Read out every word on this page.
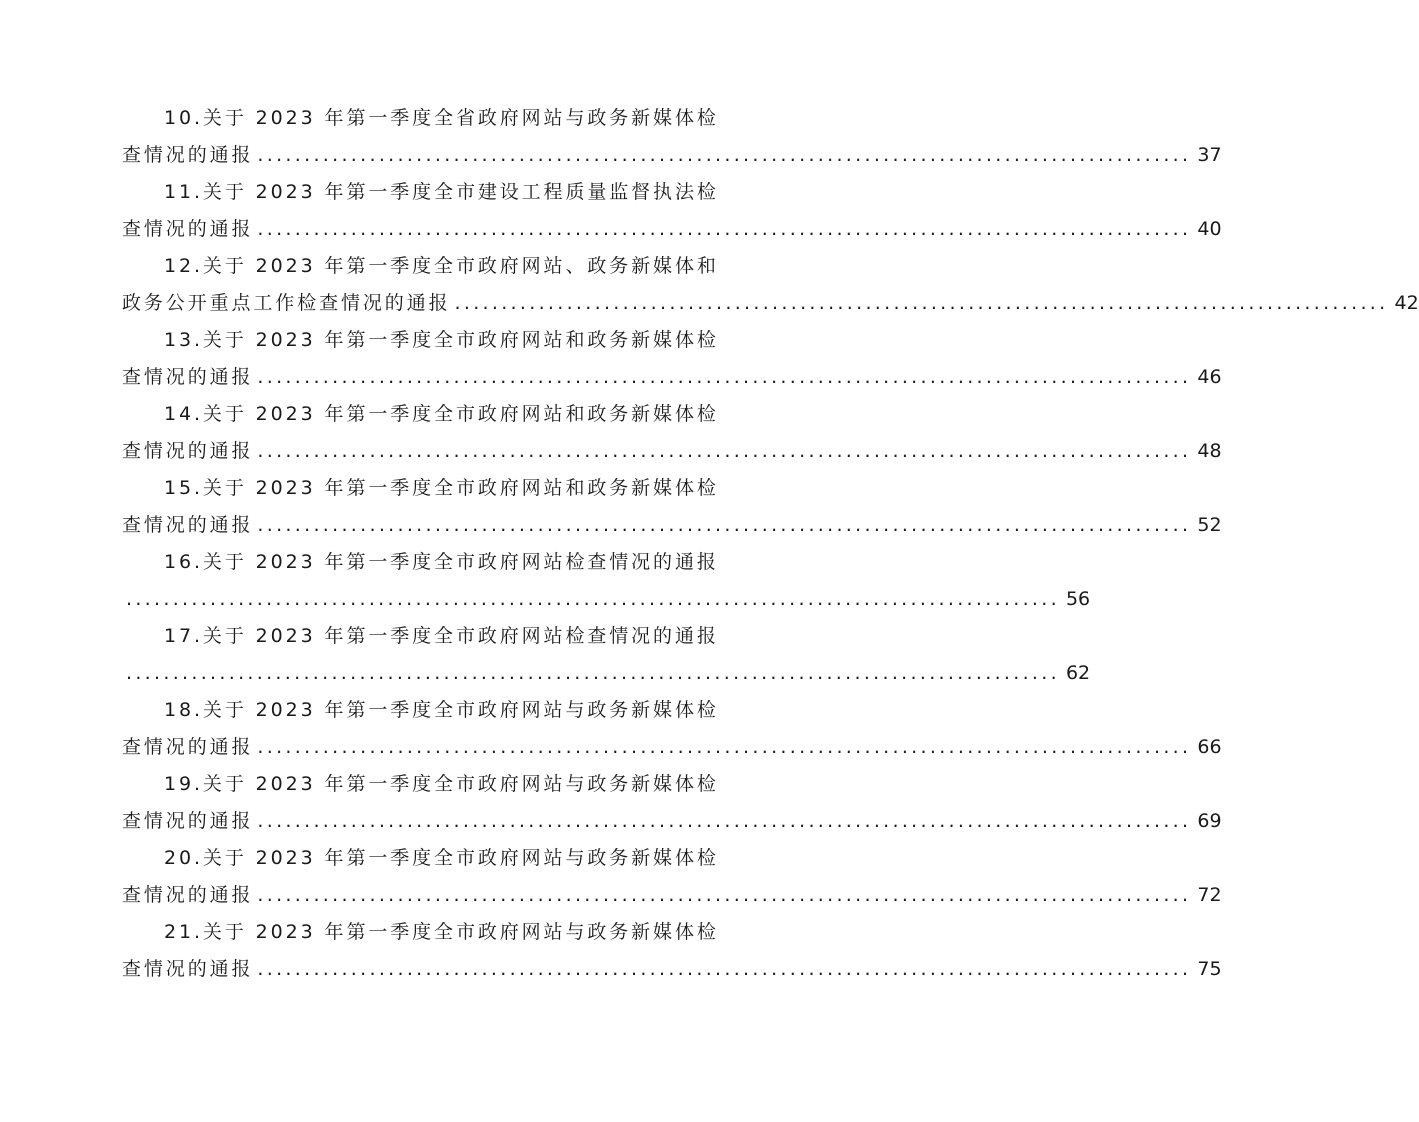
10.关于 2023 年第一季度全省政府网站与政务新媒体检
查情况的通报 .................................................................................................... 37
11.关于 2023 年第一季度全市建设工程质量监督执法检
查情况的通报 .................................................................................................... 40
12.关于 2023 年第一季度全市政府网站、政务新媒体和
政务公开重点工作检查情况的通报 .................................................................................................... 42
13.关于 2023 年第一季度全市政府网站和政务新媒体检
查情况的通报 .................................................................................................... 46
14.关于 2023 年第一季度全市政府网站和政务新媒体检
查情况的通报 .................................................................................................... 48
15.关于 2023 年第一季度全市政府网站和政务新媒体检
查情况的通报 .................................................................................................... 52
16.关于 2023 年第一季度全市政府网站检查情况的通报
.................................................................................................... 56
17.关于 2023 年第一季度全市政府网站检查情况的通报
.................................................................................................... 62
18.关于 2023 年第一季度全市政府网站与政务新媒体检
查情况的通报 .................................................................................................... 66
19.关于 2023 年第一季度全市政府网站与政务新媒体检
查情况的通报 .................................................................................................... 69
20.关于 2023 年第一季度全市政府网站与政务新媒体检
查情况的通报 .................................................................................................... 72
21.关于 2023 年第一季度全市政府网站与政务新媒体检
查情况的通报 .................................................................................................... 75
